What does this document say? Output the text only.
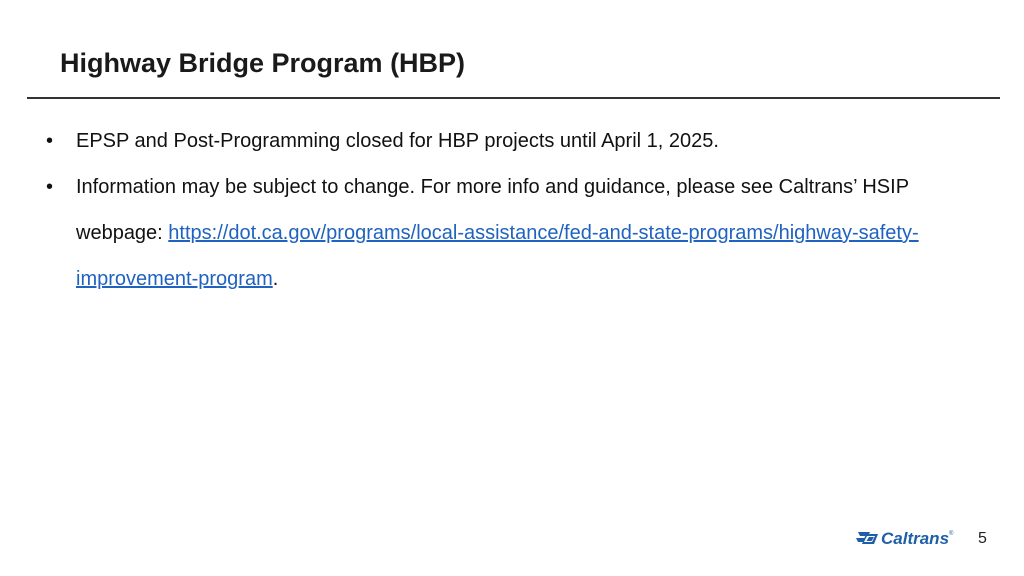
Highway Bridge Program (HBP)
•	EPSP and Post-Programming closed for HBP projects until April 1, 2025.
•	Information may be subject to change. For more info and guidance, please see Caltrans’ HSIP webpage: https://dot.ca.gov/programs/local-assistance/fed-and-state-programs/highway-safety-improvement-program.
Caltrans ® 5
